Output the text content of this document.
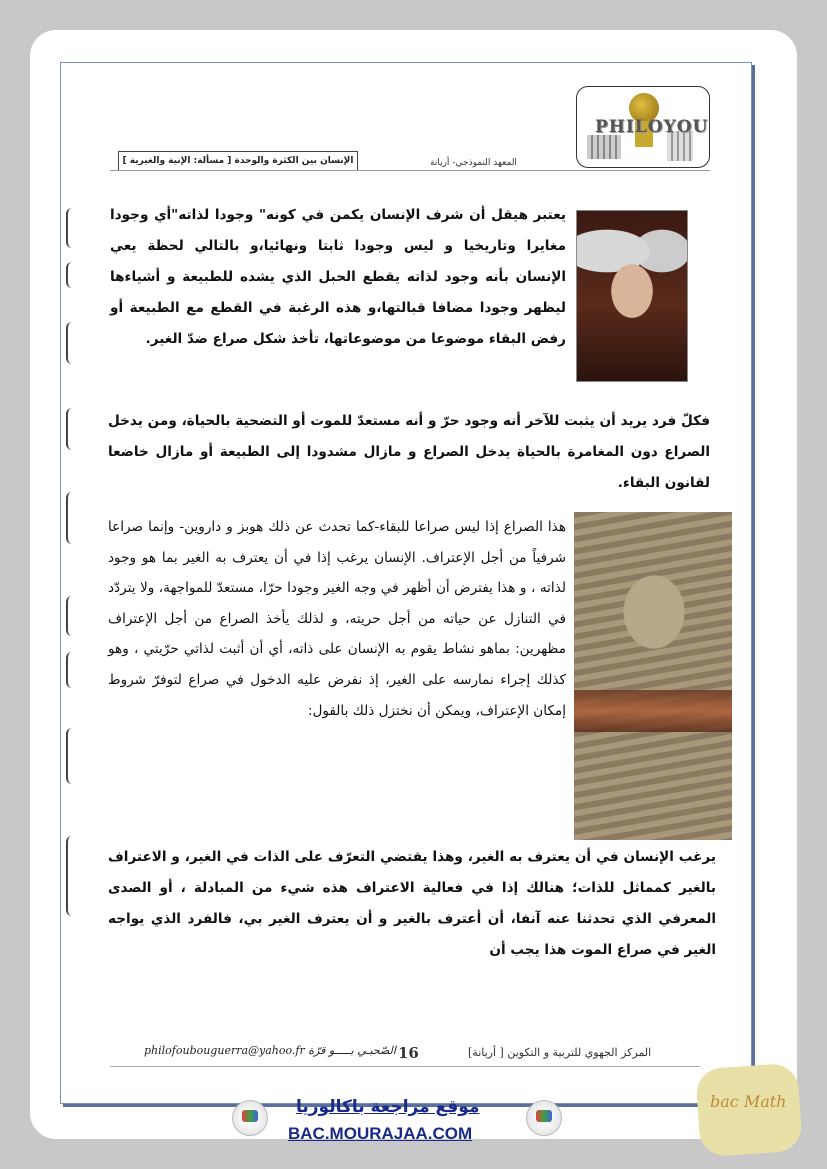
PHILOYOU
المعهد النموذجي- أريانة
الإنسان بين الكثرة والوحدة [ مسألة: الإنية والغيرية ]

يعتبر هيقل أن شرف الإنسان يكمن في كونه" وجودا لذاته"أي وجودا مغايرا وتاريخيا و ليس وجودا ثابتا ونهائيا،و بالتالي لحظة يعي الإنسان بأنه وجود لذاته يقطع الحبل الذي يشده للطبيعة و أشياءها ليظهر وجودا مضافا قبالتها،و هذه الرغبة في القطع مع الطبيعة أو رفض البقاء موضوعا من موضوعاتها، تأخذ شكل صراع ضدّ الغير.

فكلّ فرد يريد أن يثبت للآخر أنه وجود حرّ و أنه مستعدّ للموت أو التضحية بالحياة، ومن يدخل الصراع دون المغامرة بالحياة يدخل الصراع و مازال مشدودا إلى الطبيعة أو مازال خاضعا لقانون البقاء.

هذا الصراع إذا ليس صراعا للبقاء-كما تحدث عن ذلك هوبز و داروين- وإنما صراعا شرفياً من أجل الإعتراف. الإنسان يرغب إذا في أن يعترف به الغير بما هو وجود لذاته ، و هذا يفترض أن أظهر في وجه الغير وجودا حرّا، مستعدّ للمواجهة، ولا يتردّد في التنازل عن حياته من أجل حريته، و لذلك يأخذ الصراع من أجل الإعتراف مظهرين: بماهو نشاط يقوم به الإنسان على ذاته، أي أن أثبت لذاتي حرّيتي ، وهو كذلك إجراء نمارسه على الغير، إذ نفرض عليه الدخول في صراع لتوفرّ شروط إمكان الإعتراف، ويمكن أن نختزل ذلك بالقول:

يرغب الإنسان في أن يعترف به الغير، وهذا يقتضي التعرّف على الذات في الغير، و الاعتراف بالغير كمماثل للذات؛ هنالك إذا في فعالية الاعتراف هذه شيء من المبادلة ، أو الصدى المعرفي الذي تحدثنا عنه آنفا، أن أعترف بالغير و أن يعترف الغير بي، فالفرد الذي يواجه الغير في صراع الموت هذا يجب أن

philofoubouguerra@yahoo.fr الصّحبـي بـــــو قرّة 16	المركز الجهوي للتربية و التكوين [ أريانة]
موقع مراجعة باكالوريا
BAC.MOURAJAA.COM
bac Math
